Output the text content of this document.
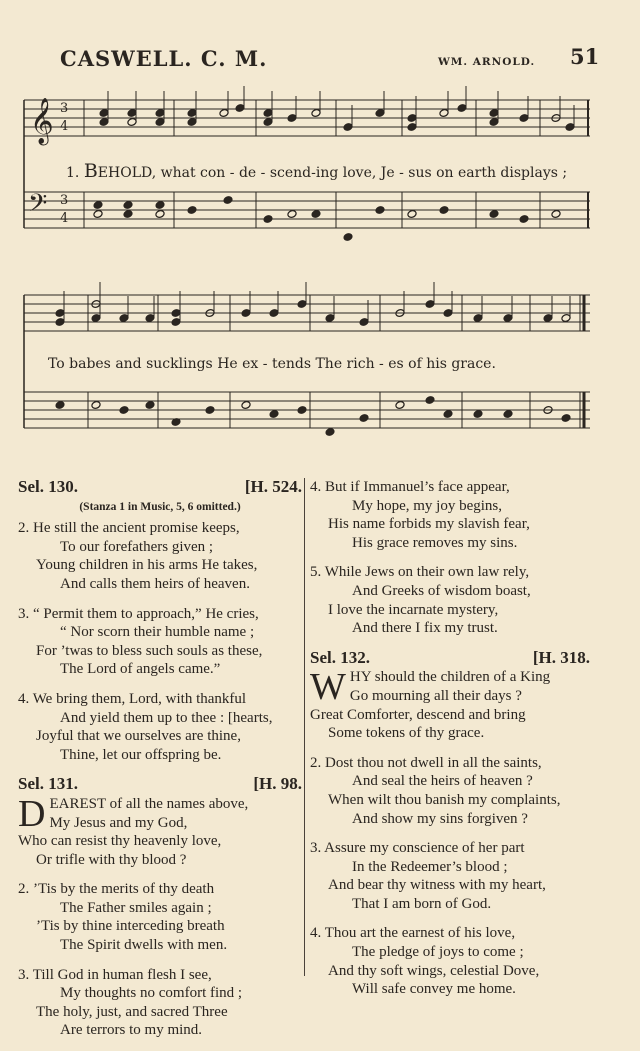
CASWELL. C. M.	WM. ARNOLD. 51
𝄞
𝄢
3
4
3
4
1. BEHOLD, what con - de - scend-ing love, Je - sus on earth displays ;
To babes and sucklings He ex - tends The rich - es of his grace.
Sel. 130.	[H. 524.
(Stanza 1 in Music, 5, 6 omitted.)
2. He still the ancient promise keeps,
To our forefathers given ;
Young children in his arms He takes,
And calls them heirs of heaven.
3. “ Permit them to approach,” He cries,
“ Nor scorn their humble name ;
For ’twas to bless such souls as these,
The Lord of angels came.”
4. We bring them, Lord, with thankful
And yield them up to thee : [hearts,
Joyful that we ourselves are thine,
Thine, let our offspring be.
Sel. 131.	[H. 98.
D EAREST of all the names above,
My Jesus and my God,
Who can resist thy heavenly love,
Or trifle with thy blood ?
2. ’Tis by the merits of thy death
The Father smiles again ;
’Tis by thine interceding breath
The Spirit dwells with men.
3. Till God in human flesh I see,
My thoughts no comfort find ;
The holy, just, and sacred Three
Are terrors to my mind.
4. But if Immanuel’s face appear,
My hope, my joy begins,
His name forbids my slavish fear,
His grace removes my sins.
5. While Jews on their own law rely,
And Greeks of wisdom boast,
I love the incarnate mystery,
And there I fix my trust.
Sel. 132.	[H. 318.
W HY should the children of a King
Go mourning all their days ?
Great Comforter, descend and bring
Some tokens of thy grace.
2. Dost thou not dwell in all the saints,
And seal the heirs of heaven ?
When wilt thou banish my complaints,
And show my sins forgiven ?
3. Assure my conscience of her part
In the Redeemer’s blood ;
And bear thy witness with my heart,
That I am born of God.
4. Thou art the earnest of his love,
The pledge of joys to come ;
And thy soft wings, celestial Dove,
Will safe convey me home.
